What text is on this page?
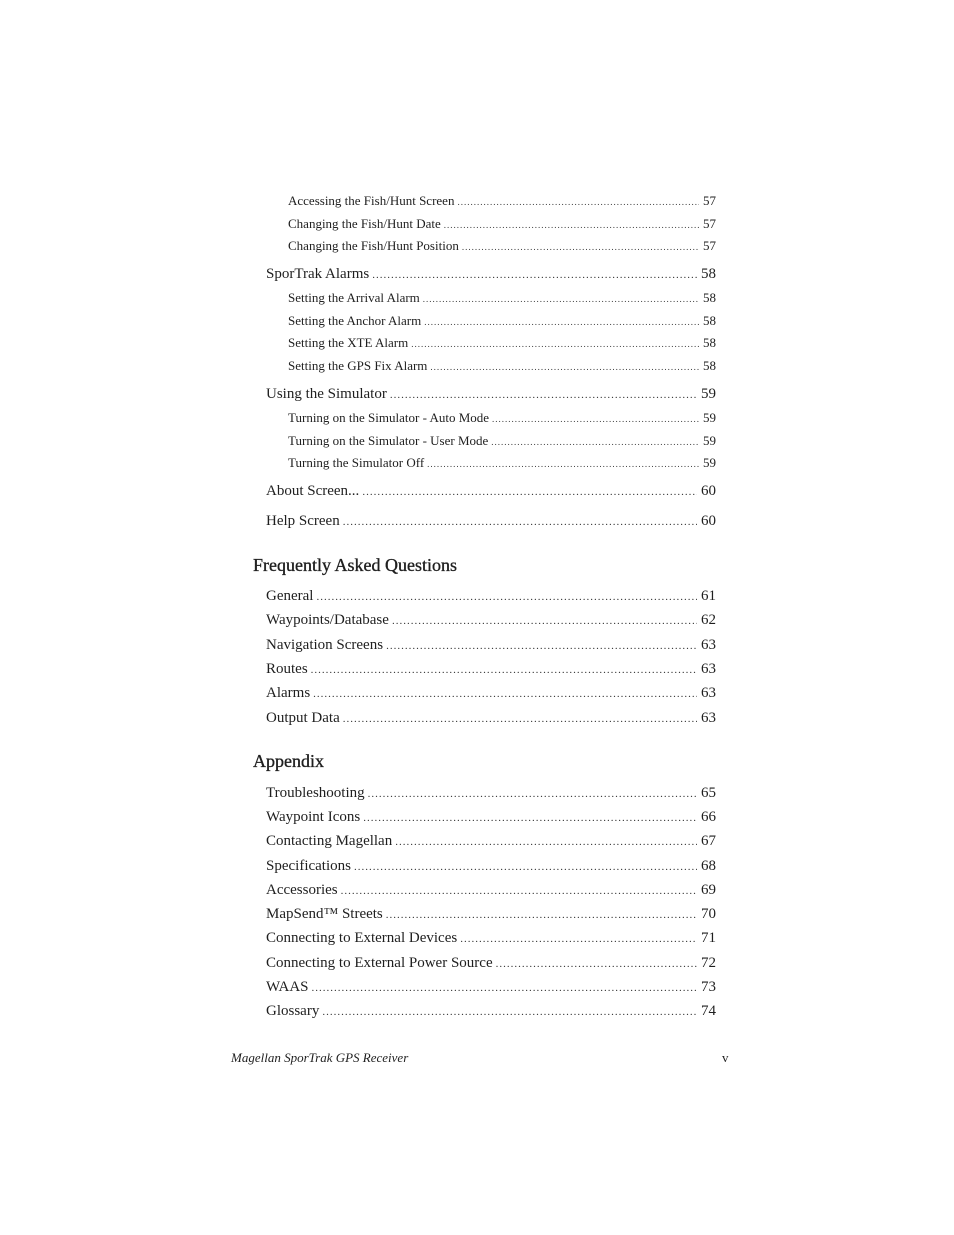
Accessing the Fish/Hunt Screen .....	57
Changing the Fish/Hunt Date .....	57
Changing the Fish/Hunt Position .....	57
SporTrak Alarms .....	58
Setting the Arrival Alarm .....	58
Setting the Anchor Alarm .....	58
Setting the XTE Alarm .....	58
Setting the GPS Fix Alarm .....	58
Using the Simulator .....	59
Turning on the Simulator - Auto Mode .....	59
Turning on the Simulator - User Mode .....	59
Turning the Simulator Off .....	59
About Screen... .....	60
Help Screen .....	60
Frequently Asked Questions
General .....	61
Waypoints/Database .....	62
Navigation Screens .....	63
Routes .....	63
Alarms .....	63
Output Data .....	63
Appendix
Troubleshooting .....	65
Waypoint Icons .....	66
Contacting Magellan .....	67
Specifications .....	68
Accessories .....	69
MapSend™ Streets .....	70
Connecting to External Devices .....	71
Connecting to External Power Source .....	72
WAAS .....	73
Glossary .....	74
Magellan SporTrak GPS Receiver	v
